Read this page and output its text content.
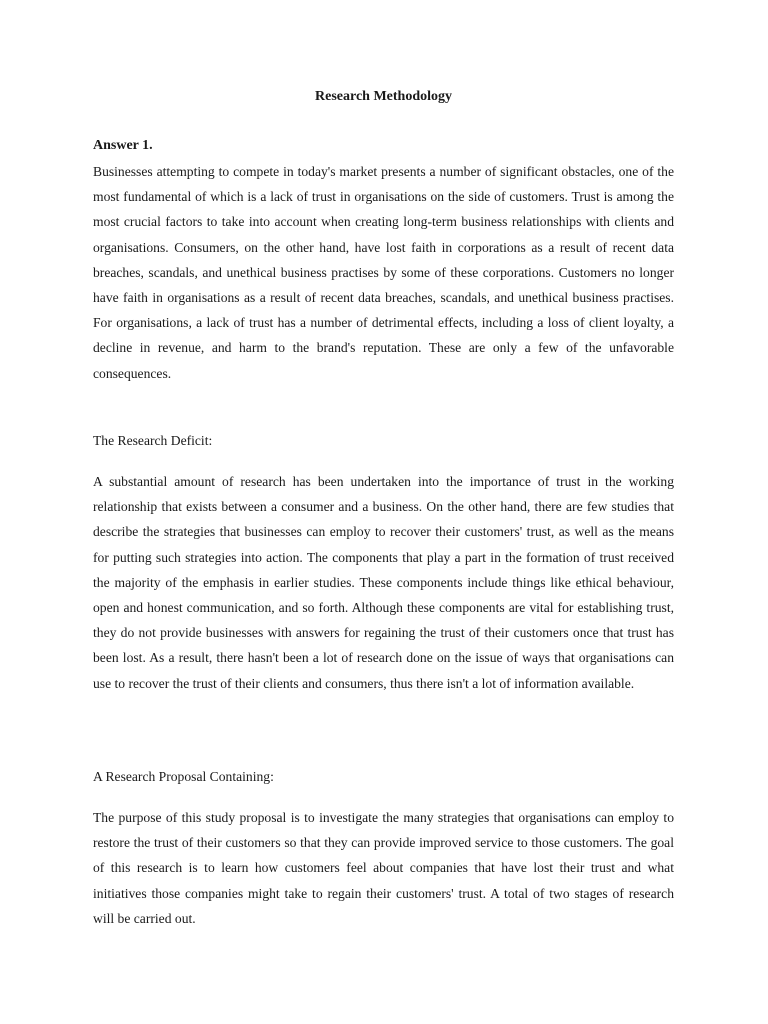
Research Methodology
Answer 1.

Businesses attempting to compete in today's market presents a number of significant obstacles, one of the most fundamental of which is a lack of trust in organisations on the side of customers. Trust is among the most crucial factors to take into account when creating long-term business relationships with clients and organisations. Consumers, on the other hand, have lost faith in corporations as a result of recent data breaches, scandals, and unethical business practises by some of these corporations. Customers no longer have faith in organisations as a result of recent data breaches, scandals, and unethical business practises. For organisations, a lack of trust has a number of detrimental effects, including a loss of client loyalty, a decline in revenue, and harm to the brand's reputation. These are only a few of the unfavorable consequences.

The Research Deficit:

A substantial amount of research has been undertaken into the importance of trust in the working relationship that exists between a consumer and a business. On the other hand, there are few studies that describe the strategies that businesses can employ to recover their customers' trust, as well as the means for putting such strategies into action. The components that play a part in the formation of trust received the majority of the emphasis in earlier studies. These components include things like ethical behaviour, open and honest communication, and so forth. Although these components are vital for establishing trust, they do not provide businesses with answers for regaining the trust of their customers once that trust has been lost. As a result, there hasn't been a lot of research done on the issue of ways that organisations can use to recover the trust of their clients and consumers, thus there isn't a lot of information available.

A Research Proposal Containing:

The purpose of this study proposal is to investigate the many strategies that organisations can employ to restore the trust of their customers so that they can provide improved service to those customers. The goal of this research is to learn how customers feel about companies that have lost their trust and what initiatives those companies might take to regain their customers' trust. A total of two stages of research will be carried out.
